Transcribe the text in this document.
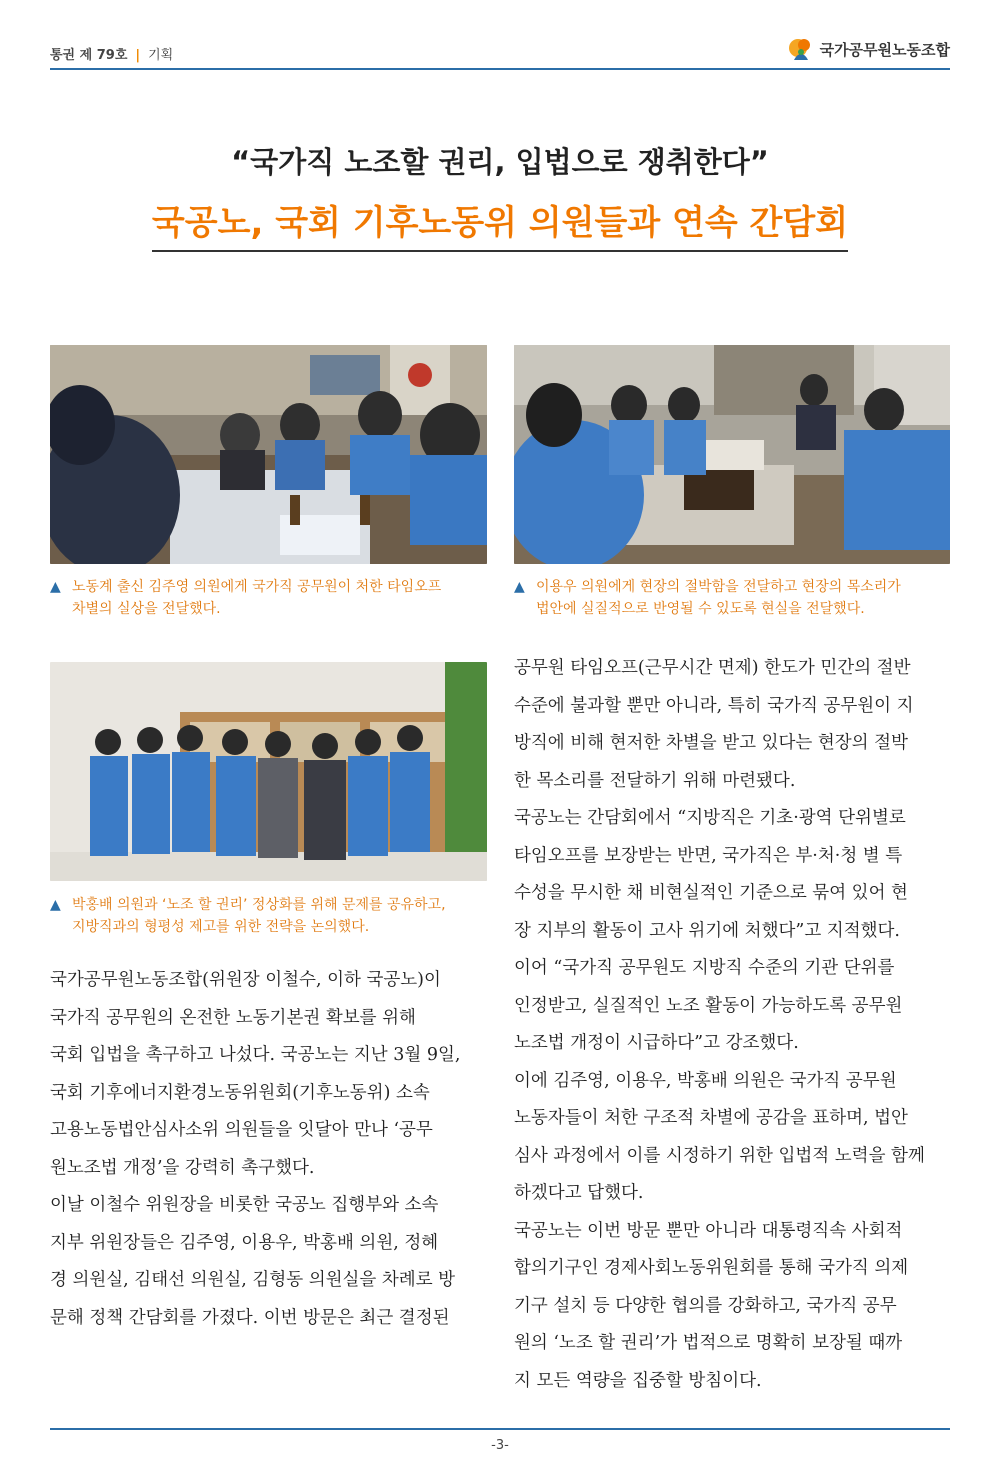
통권 제 79호 | 기획	국가공무원노동조합
“국가직 노조할 권리, 입법으로 쟁취한다”
국공노, 국회 기후노동위 의원들과 연속 간담회
▲ 노동계 출신 김주영 의원에게 국가직 공무원이 처한 타임오프
차별의 실상을 전달했다.
▲ 이용우 의원에게 현장의 절박함을 전달하고 현장의 목소리가
법안에 실질적으로 반영될 수 있도록 현실을 전달했다.
▲ 박홍배 의원과 ‘노조 할 권리’ 정상화를 위해 문제를 공유하고,
지방직과의 형평성 제고를 위한 전략을 논의했다.

국가공무원노동조합(위원장 이철수, 이하 국공노)이

국가직 공무원의 온전한 노동기본권 확보를 위해

국회 입법을 촉구하고 나섰다. 국공노는 지난 3월 9일,

국회 기후에너지환경노동위원회(기후노동위) 소속

고용노동법안심사소위 의원들을 잇달아 만나 ‘공무

원노조법 개정’을 강력히 촉구했다.

이날 이철수 위원장을 비롯한 국공노 집행부와 소속

지부 위원장들은 김주영, 이용우, 박홍배 의원, 정혜

경 의원실, 김태선 의원실, 김형동 의원실을 차례로 방

문해 정책 간담회를 가졌다. 이번 방문은 최근 결정된

공무원 타임오프(근무시간 면제) 한도가 민간의 절반

수준에 불과할 뿐만 아니라, 특히 국가직 공무원이 지

방직에 비해 현저한 차별을 받고 있다는 현장의 절박

한 목소리를 전달하기 위해 마련됐다.

국공노는 간담회에서 “지방직은 기초·광역 단위별로

타임오프를 보장받는 반면, 국가직은 부·처·청 별 특

수성을 무시한 채 비현실적인 기준으로 묶여 있어 현

장 지부의 활동이 고사 위기에 처했다”고 지적했다.

이어 “국가직 공무원도 지방직 수준의 기관 단위를

인정받고, 실질적인 노조 활동이 가능하도록 공무원

노조법 개정이 시급하다”고 강조했다.

이에 김주영, 이용우, 박홍배 의원은 국가직 공무원

노동자들이 처한 구조적 차별에 공감을 표하며, 법안

심사 과정에서 이를 시정하기 위한 입법적 노력을 함께

하겠다고 답했다.

국공노는 이번 방문 뿐만 아니라 대통령직속 사회적

합의기구인 경제사회노동위원회를 통해 국가직 의제

기구 설치 등 다양한 협의를 강화하고, 국가직 공무

원의 ‘노조 할 권리’가 법적으로 명확히 보장될 때까

지 모든 역량을 집중할 방침이다.

-3-
